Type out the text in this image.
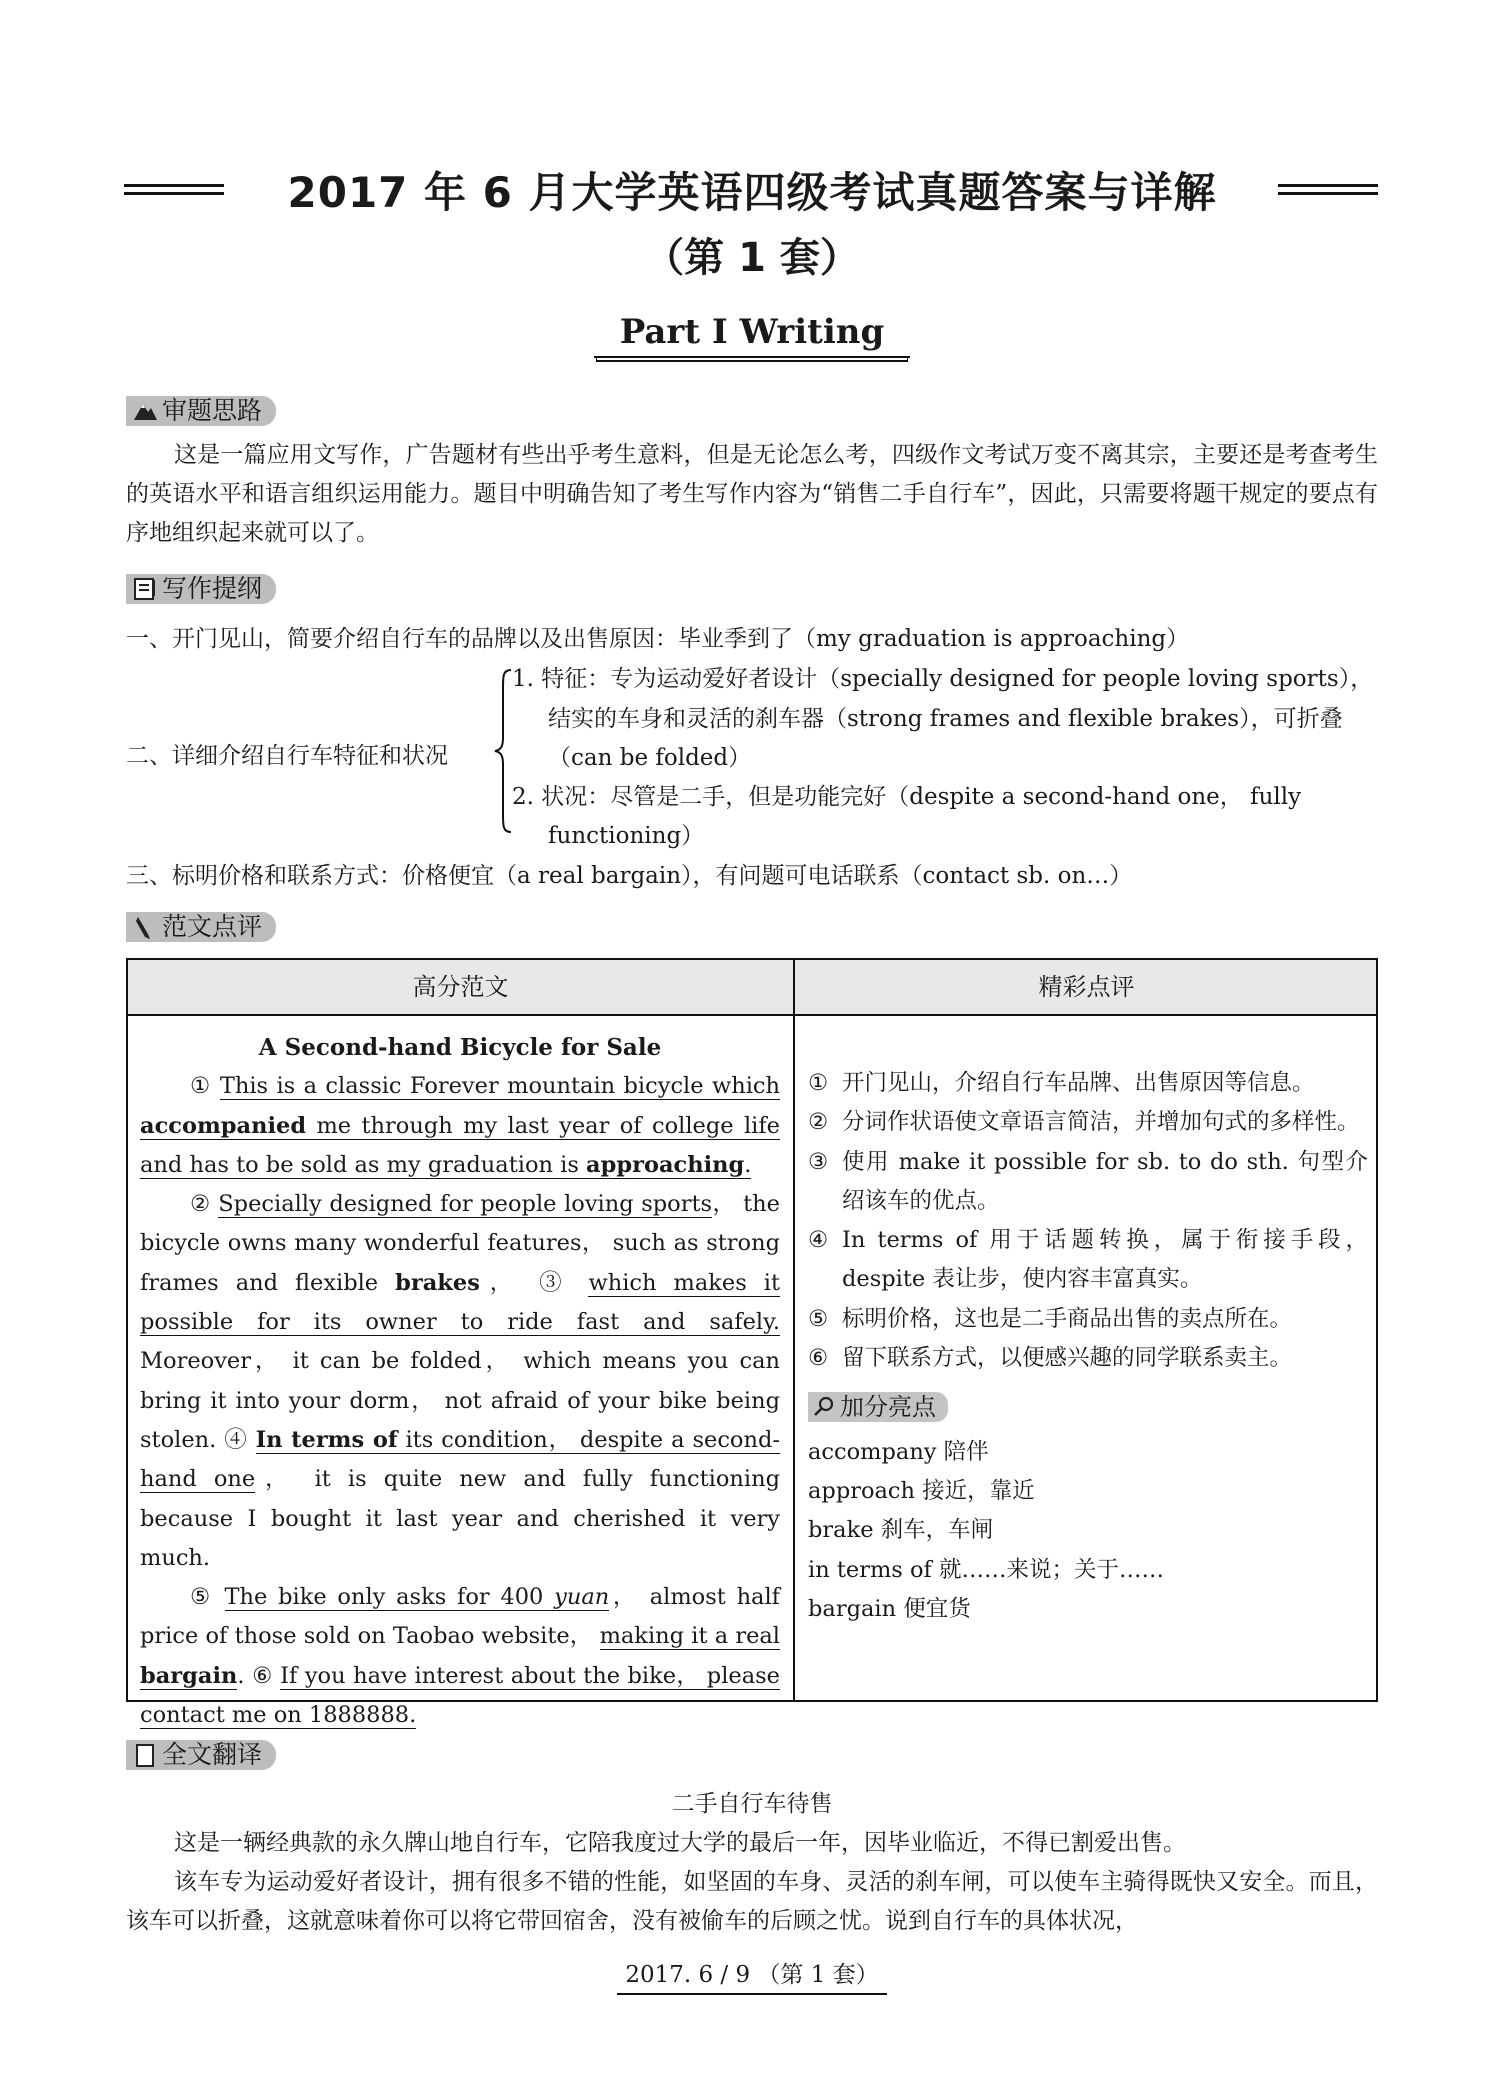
2017 年 6 月大学英语四级考试真题答案与详解
（第 1 套）
Part I Writing
审题思路
这是一篇应用文写作，广告题材有些出乎考生意料，但是无论怎么考，四级作文考试万变不离其宗，主要还是考查考生的英语水平和语言组织运用能力。题目中明确告知了考生写作内容为“销售二手自行车”，因此，只需要将题干规定的要点有序地组织起来就可以了。
写作提纲
一、开门见山，简要介绍自行车的品牌以及出售原因：毕业季到了（my graduation is approaching）
二、详细介绍自行车特征和状况
1. 特征：专为运动爱好者设计（specially designed for people loving sports），
结实的车身和灵活的刹车器（strong frames and flexible brakes），可折叠
（can be folded）
2. 状况：尽管是二手，但是功能完好（despite a second-hand one， fully
functioning）
三、标明价格和联系方式：价格便宜（a real bargain），有问题可电话联系（contact sb. on…）
范文点评
高分范文	精彩点评
A Second-hand Bicycle for Sale

① This is a classic Forever mountain bicycle which accompanied me through my last year of college life and has to be sold as my graduation is approaching.

② Specially designed for people loving sports， the bicycle owns many wonderful features， such as strong frames and flexible brakes， ③ which makes it possible for its owner to ride fast and safely. Moreover， it can be folded， which means you can bring it into your dorm， not afraid of your bike being stolen. ④ In terms of its condition， despite a second-hand one， it is quite new and fully functioning because I bought it last year and cherished it very much.

⑤ The bike only asks for 400 yuan， almost half price of those sold on Taobao website， making it a real bargain. ⑥ If you have interest about the bike， please contact me on 1888888.

① 开门见山，介绍自行车品牌、出售原因等信息。
② 分词作状语使文章语言简洁，并增加句式的多样性。
③ 使用 make it possible for sb. to do sth. 句型介绍该车的优点。
④ In terms of 用于话题转换，属于衔接手段，despite 表让步，使内容丰富真实。
⑤ 标明价格，这也是二手商品出售的卖点所在。
⑥ 留下联系方式，以便感兴趣的同学联系卖主。
加分亮点
accompany 陪伴
approach 接近，靠近
brake 刹车，车闸
in terms of 就……来说；关于……
bargain 便宜货
全文翻译
二手自行车待售
这是一辆经典款的永久牌山地自行车，它陪我度过大学的最后一年，因毕业临近，不得已割爱出售。
该车专为运动爱好者设计，拥有很多不错的性能，如坚固的车身、灵活的刹车闸，可以使车主骑得既快又安全。而且，该车可以折叠，这就意味着你可以将它带回宿舍，没有被偷车的后顾之忧。说到自行车的具体状况，
2017. 6 / 9 （第 1 套）
